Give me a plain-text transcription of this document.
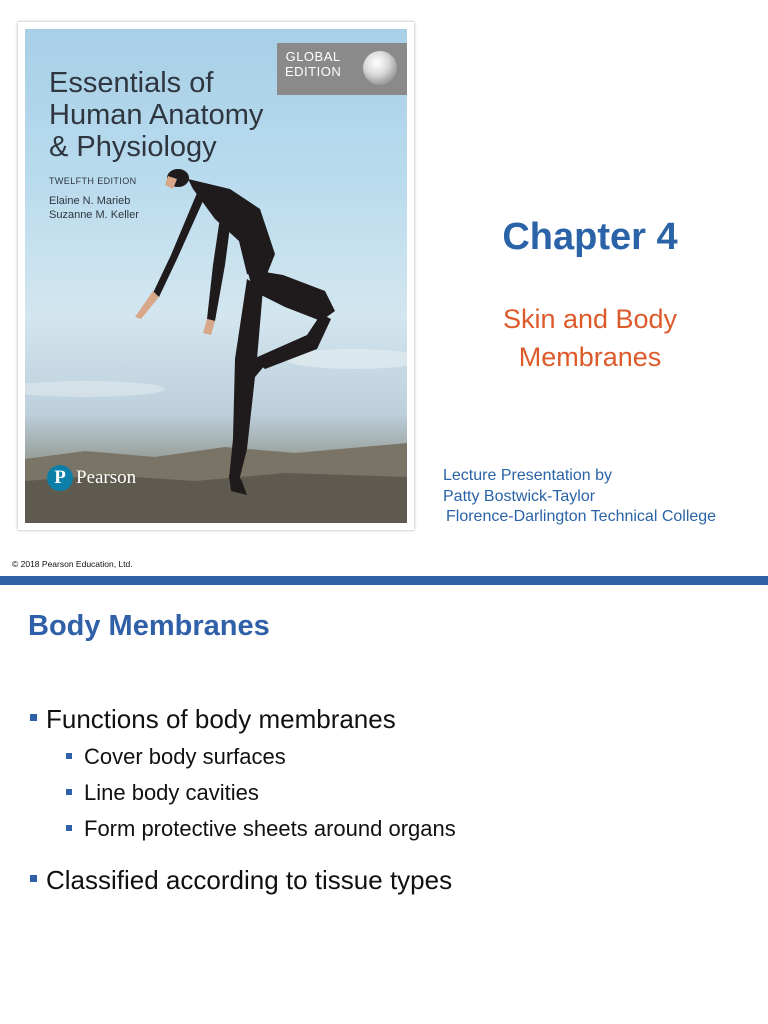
GLOBAL
EDITION
Essentials of
Human Anatomy
& Physiology
TWELFTH EDITION
Elaine N. Marieb
Suzanne M. Keller
P Pearson
Chapter 4
Skin and Body
Membranes
Lecture Presentation by
Patty Bostwick-Taylor
Florence-Darlington Technical College
© 2018 Pearson Education, Ltd.
Body Membranes
Functions of body membranes
Cover body surfaces
Line body cavities
Form protective sheets around organs
Classified according to tissue types
